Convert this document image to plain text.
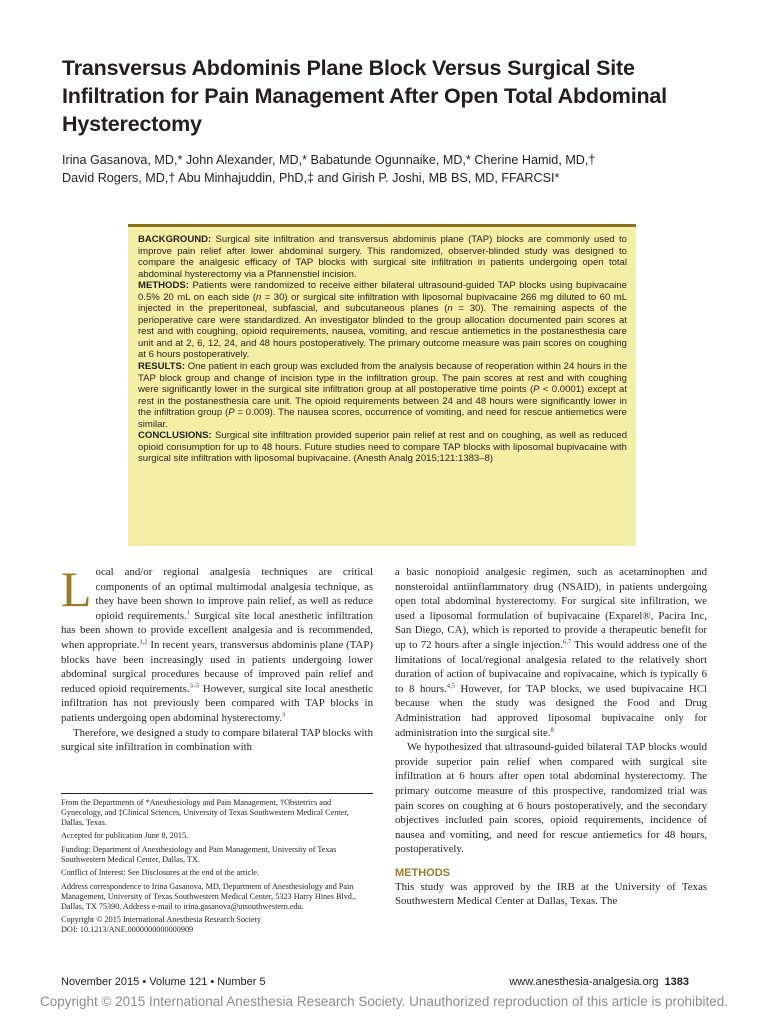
Transversus Abdominis Plane Block Versus Surgical Site Infiltration for Pain Management After Open Total Abdominal Hysterectomy
Irina Gasanova, MD,* John Alexander, MD,* Babatunde Ogunnaike, MD,* Cherine Hamid, MD,†
David Rogers, MD,† Abu Minhajuddin, PhD,‡ and Girish P. Joshi, MB BS, MD, FFARCSI*

BACKGROUND: Surgical site infiltration and transversus abdominis plane (TAP) blocks are commonly used to improve pain relief after lower abdominal surgery. This randomized, observer-blinded study was designed to compare the analgesic efficacy of TAP blocks with surgical site infiltration in patients undergoing open total abdominal hysterectomy via a Pfannenstiel incision.

METHODS: Patients were randomized to receive either bilateral ultrasound-guided TAP blocks using bupivacaine 0.5% 20 mL on each side (n = 30) or surgical site infiltration with liposomal bupivacaine 266 mg diluted to 60 mL injected in the preperitoneal, subfascial, and subcutaneous planes (n = 30). The remaining aspects of the perioperative care were standardized. An investigator blinded to the group allocation documented pain scores at rest and with coughing, opioid requirements, nausea, vomiting, and rescue antiemetics in the postanesthesia care unit and at 2, 6, 12, 24, and 48 hours postoperatively. The primary outcome measure was pain scores on coughing at 6 hours postoperatively.

RESULTS: One patient in each group was excluded from the analysis because of reoperation within 24 hours in the TAP block group and change of incision type in the infiltration group. The pain scores at rest and with coughing were significantly lower in the surgical site infiltration group at all postoperative time points (P < 0.0001) except at rest in the postanesthesia care unit. The opioid requirements between 24 and 48 hours were significantly lower in the infiltration group (P = 0.009). The nausea scores, occurrence of vomiting, and need for rescue antiemetics were similar.

CONCLUSIONS: Surgical site infiltration provided superior pain relief at rest and on coughing, as well as reduced opioid consumption for up to 48 hours. Future studies need to compare TAP blocks with liposomal bupivacaine with surgical site infiltration with liposomal bupivacaine. (Anesth Analg 2015;121:1383–8)

Local and/or regional analgesia techniques are critical components of an optimal multimodal analgesia technique, as they have been shown to improve pain relief, as well as reduce opioid requirements.$^1$ Surgical site local anesthetic infiltration has been shown to provide excellent analgesia and is recommended, when appropriate.$^{1,2}$ In recent years, transversus abdominis plane (TAP) blocks have been increasingly used in patients undergoing lower abdominal surgical procedures because of improved pain relief and reduced opioid requirements.$^{3-5}$ However, surgical site local anesthetic infiltration has not previously been compared with TAP blocks in patients undergoing open abdominal hysterectomy.$^3$

Therefore, we designed a study to compare bilateral TAP blocks with surgical site infiltration in combination with

From the Departments of *Anesthesiology and Pain Management, †Obstetrics and Gynecology, and ‡Clinical Sciences, University of Texas Southwestern Medical Center, Dallas, Texas.

Accepted for publication June 8, 2015.

Funding: Department of Anesthesiology and Pain Management, University of Texas Southwestern Medical Center, Dallas, TX.

Conflict of Interest: See Disclosures at the end of the article.

Address correspondence to Irina Gasanova, MD, Department of Anesthesiology and Pain Management, University of Texas Southwestern Medical Center, 5323 Harry Hines Blvd., Dallas, TX 75390. Address e-mail to irina.gasanova@utsouthwestern.edu.

Copyright © 2015 International Anesthesia Research Society
DOI: 10.1213/ANE.0000000000000909

a basic nonopioid analgesic regimen, such as acetaminophen and nonsteroidal antiinflammatory drug (NSAID), in patients undergoing open total abdominal hysterectomy. For surgical site infiltration, we used a liposomal formulation of bupivacaine (Exparel®, Pacira Inc, San Diego, CA), which is reported to provide a therapeutic benefit for up to 72 hours after a single injection.$^{6,7}$ This would address one of the limitations of local/regional analgesia related to the relatively short duration of action of bupivacaine and ropivacaine, which is typically 6 to 8 hours.$^{4,5}$ However, for TAP blocks, we used bupivacaine HCl because when the study was designed the Food and Drug Administration had approved liposomal bupivacaine only for administration into the surgical site.$^8$

We hypothesized that ultrasound-guided bilateral TAP blocks would provide superior pain relief when compared with surgical site infiltration at 6 hours after open total abdominal hysterectomy. The primary outcome measure of this prospective, randomized trial was pain scores on coughing at 6 hours postoperatively, and the secondary objectives included pain scores, opioid requirements, incidence of nausea and vomiting, and need for rescue antiemetics for 48 hours, postoperatively.

METHODS

This study was approved by the IRB at the University of Texas Southwestern Medical Center at Dallas, Texas. The

November 2015 • Volume 121 • Number 5	www.anesthesia-analgesia.org 1383
Copyright © 2015 International Anesthesia Research Society. Unauthorized reproduction of this article is prohibited.
